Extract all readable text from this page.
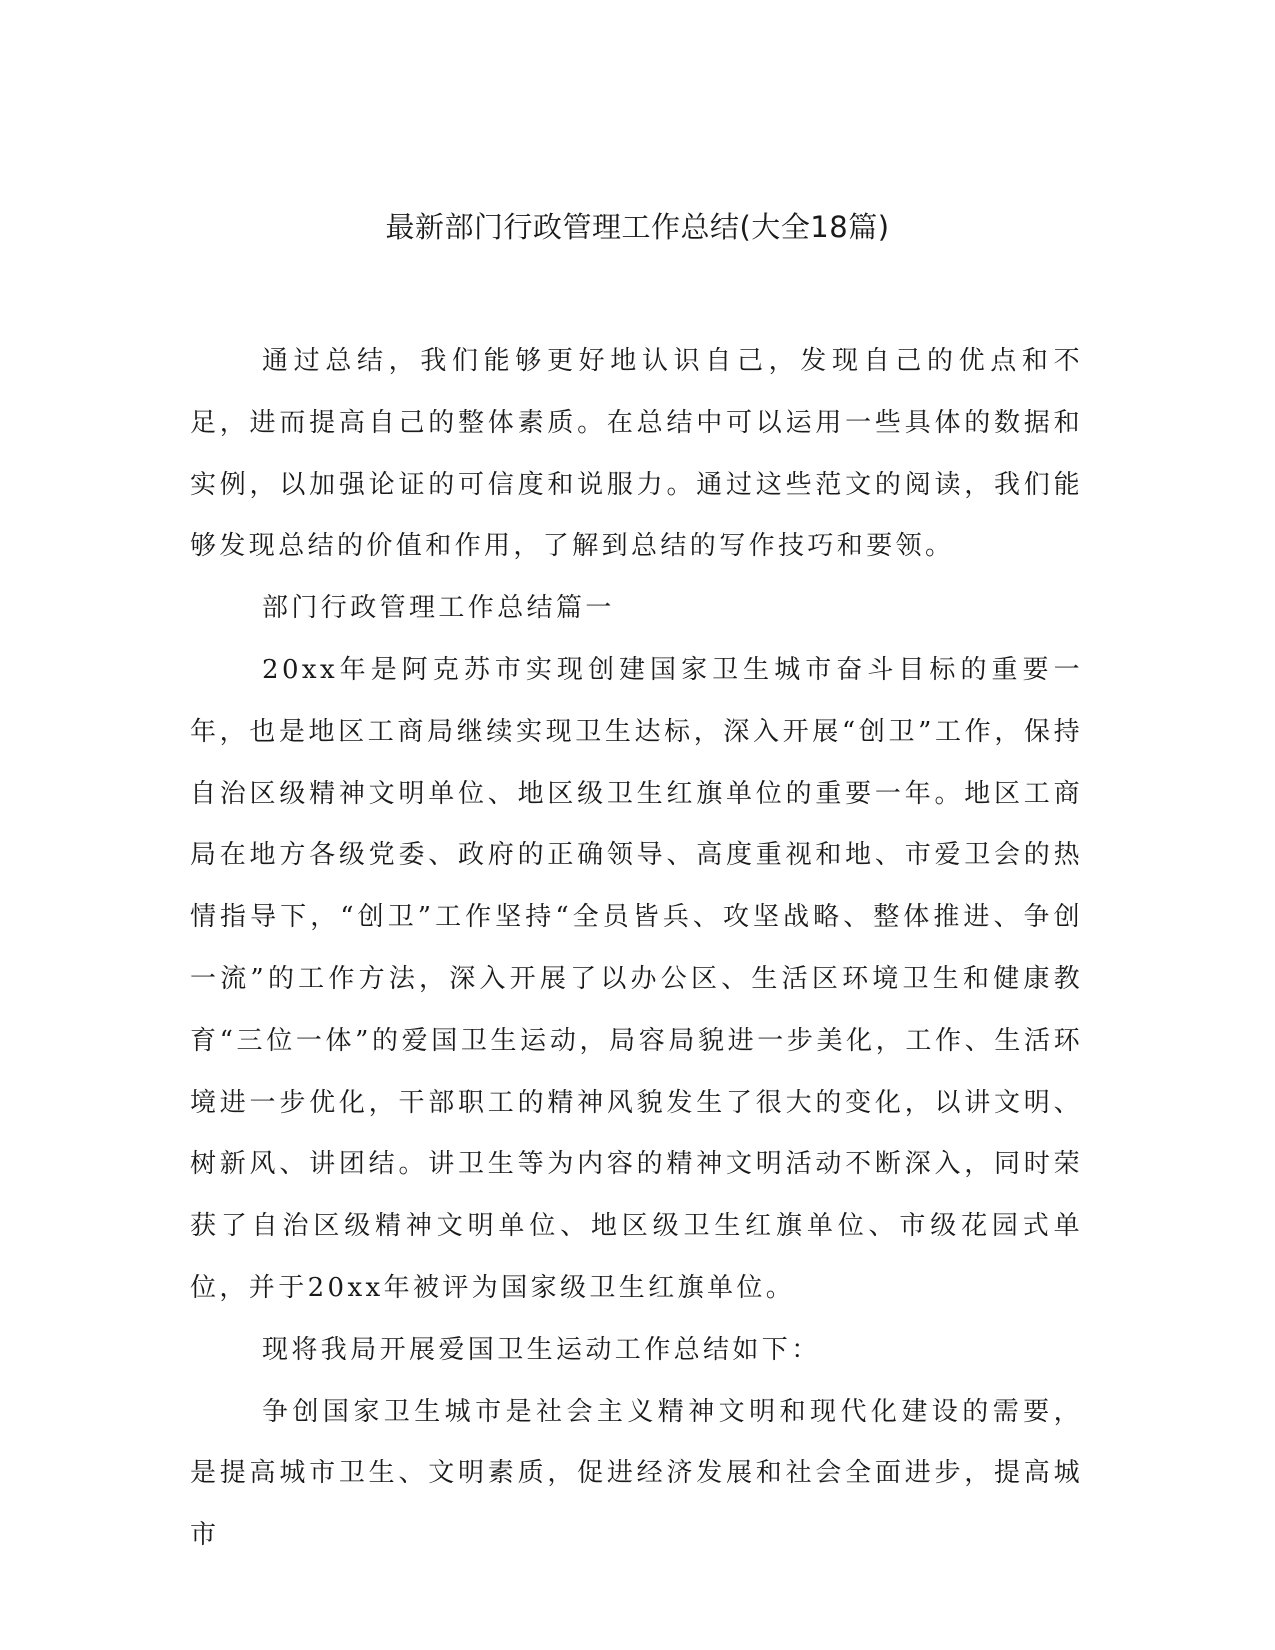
最新部门行政管理工作总结(大全18篇)

通过总结，我们能够更好地认识自己，发现自己的优点和不足，进而提高自己的整体素质。在总结中可以运用一些具体的数据和实例，以加强论证的可信度和说服力。通过这些范文的阅读，我们能够发现总结的价值和作用，了解到总结的写作技巧和要领。

部门行政管理工作总结篇一

20xx年是阿克苏市实现创建国家卫生城市奋斗目标的重要一年，也是地区工商局继续实现卫生达标，深入开展“创卫”工作，保持自治区级精神文明单位、地区级卫生红旗单位的重要一年。地区工商局在地方各级党委、政府的正确领导、高度重视和地、市爱卫会的热情指导下，“创卫”工作坚持“全员皆兵、攻坚战略、整体推进、争创一流”的工作方法，深入开展了以办公区、生活区环境卫生和健康教育“三位一体”的爱国卫生运动，局容局貌进一步美化，工作、生活环境进一步优化，干部职工的精神风貌发生了很大的变化，以讲文明、树新风、讲团结。讲卫生等为内容的精神文明活动不断深入，同时荣获了自治区级精神文明单位、地区级卫生红旗单位、市级花园式单位，并于20xx年被评为国家级卫生红旗单位。

现将我局开展爱国卫生运动工作总结如下：

争创国家卫生城市是社会主义精神文明和现代化建设的需要，是提高城市卫生、文明素质，促进经济发展和社会全面进步，提高城市
